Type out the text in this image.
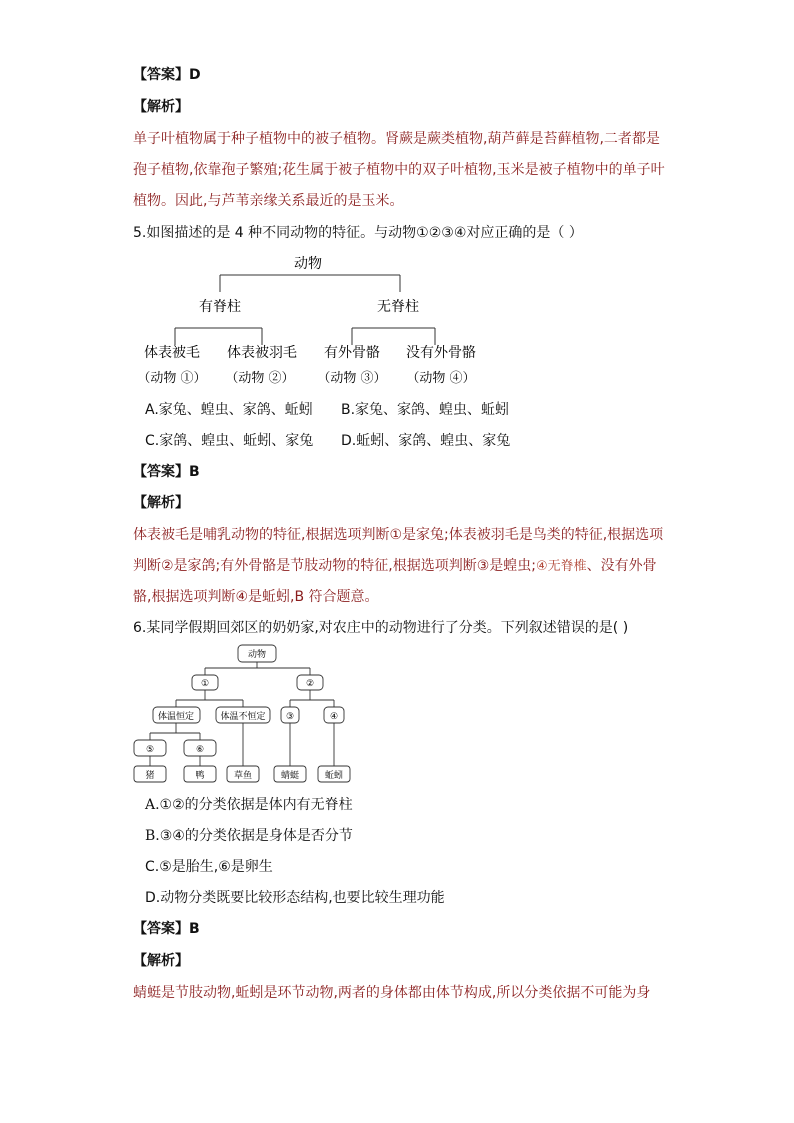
【答案】D
【解析】
单子叶植物属于种子植物中的被子植物。肾蕨是蕨类植物,葫芦藓是苔藓植物,二者都是
孢子植物,依靠孢子繁殖;花生属于被子植物中的双子叶植物,玉米是被子植物中的单子叶
植物。因此,与芦苇亲缘关系最近的是玉米。
5.如图描述的是 4 种不同动物的特征。与动物①②③④对应正确的是（ ）
动物
有脊柱	无脊柱
体表被毛 体表被羽毛 有外骨骼 没有外骨骼
（动物 ①） （动物 ②） （动物 ③） （动物 ④）
A.家兔、蝗虫、家鸽、蚯蚓 B.家兔、家鸽、蝗虫、蚯蚓
C.家鸽、蝗虫、蚯蚓、家兔 D.蚯蚓、家鸽、蝗虫、家兔
【答案】B
【解析】
体表被毛是哺乳动物的特征,根据选项判断①是家兔;体表被羽毛是鸟类的特征,根据选项
判断②是家鸽;有外骨骼是节肢动物的特征,根据选项判断③是蝗虫;④无脊椎、没有外骨
骼,根据选项判断④是蚯蚓,B 符合题意。
6.某同学假期回郊区的奶奶家,对农庄中的动物进行了分类。下列叙述错误的是( )
动物
①	②
体温恒定	体温不恒定 ③	④
⑤	⑥
猪	鸭	草鱼	蜻蜓	蚯蚓
A.①②的分类依据是体内有无脊柱
B.③④的分类依据是身体是否分节
C.⑤是胎生,⑥是卵生
D.动物分类既要比较形态结构,也要比较生理功能
【答案】B
【解析】
蜻蜓是节肢动物,蚯蚓是环节动物,两者的身体都由体节构成,所以分类依据不可能为身
